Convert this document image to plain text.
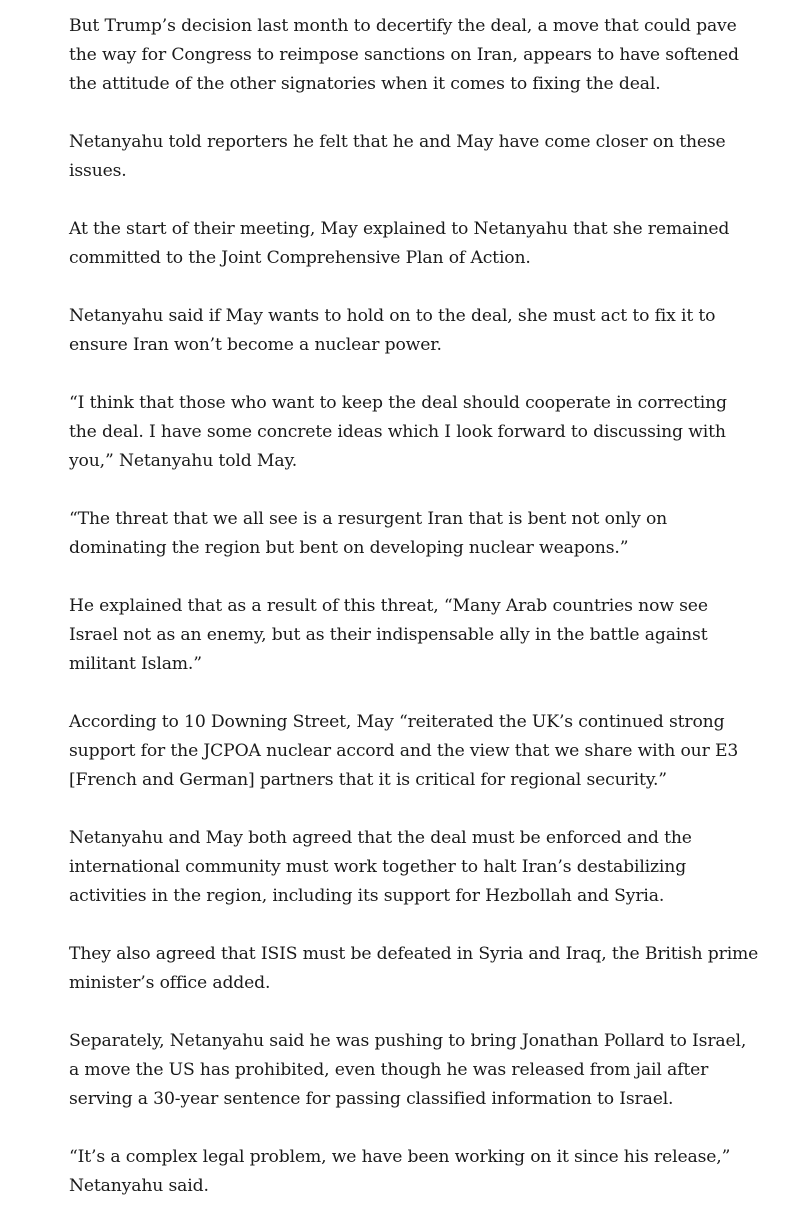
But Trump’s decision last month to decertify the deal, a move that could pave the way for Congress to reimpose sanctions on Iran, appears to have softened the attitude of the other signatories when it comes to fixing the deal.

Netanyahu told reporters he felt that he and May have come closer on these issues.

At the start of their meeting, May explained to Netanyahu that she remained committed to the Joint Comprehensive Plan of Action.

Netanyahu said if May wants to hold on to the deal, she must act to fix it to ensure Iran won’t become a nuclear power.

“I think that those who want to keep the deal should cooperate in correcting the deal. I have some concrete ideas which I look forward to discussing with you,” Netanyahu told May.

“The threat that we all see is a resurgent Iran that is bent not only on dominating the region but bent on developing nuclear weapons.”

He explained that as a result of this threat, “Many Arab countries now see Israel not as an enemy, but as their indispensable ally in the battle against militant Islam.”

According to 10 Downing Street, May “reiterated the UK’s continued strong support for the JCPOA nuclear accord and the view that we share with our E3 [French and German] partners that it is critical for regional security.”

Netanyahu and May both agreed that the deal must be enforced and the international community must work together to halt Iran’s destabilizing activities in the region, including its support for Hezbollah and Syria.

They also agreed that ISIS must be defeated in Syria and Iraq, the British prime minister’s office added.

Separately, Netanyahu said he was pushing to bring Jonathan Pollard to Israel, a move the US has prohibited, even though he was released from jail after serving a 30-year sentence for passing classified information to Israel.

“It’s a complex legal problem, we have been working on it since his release,” Netanyahu said.
